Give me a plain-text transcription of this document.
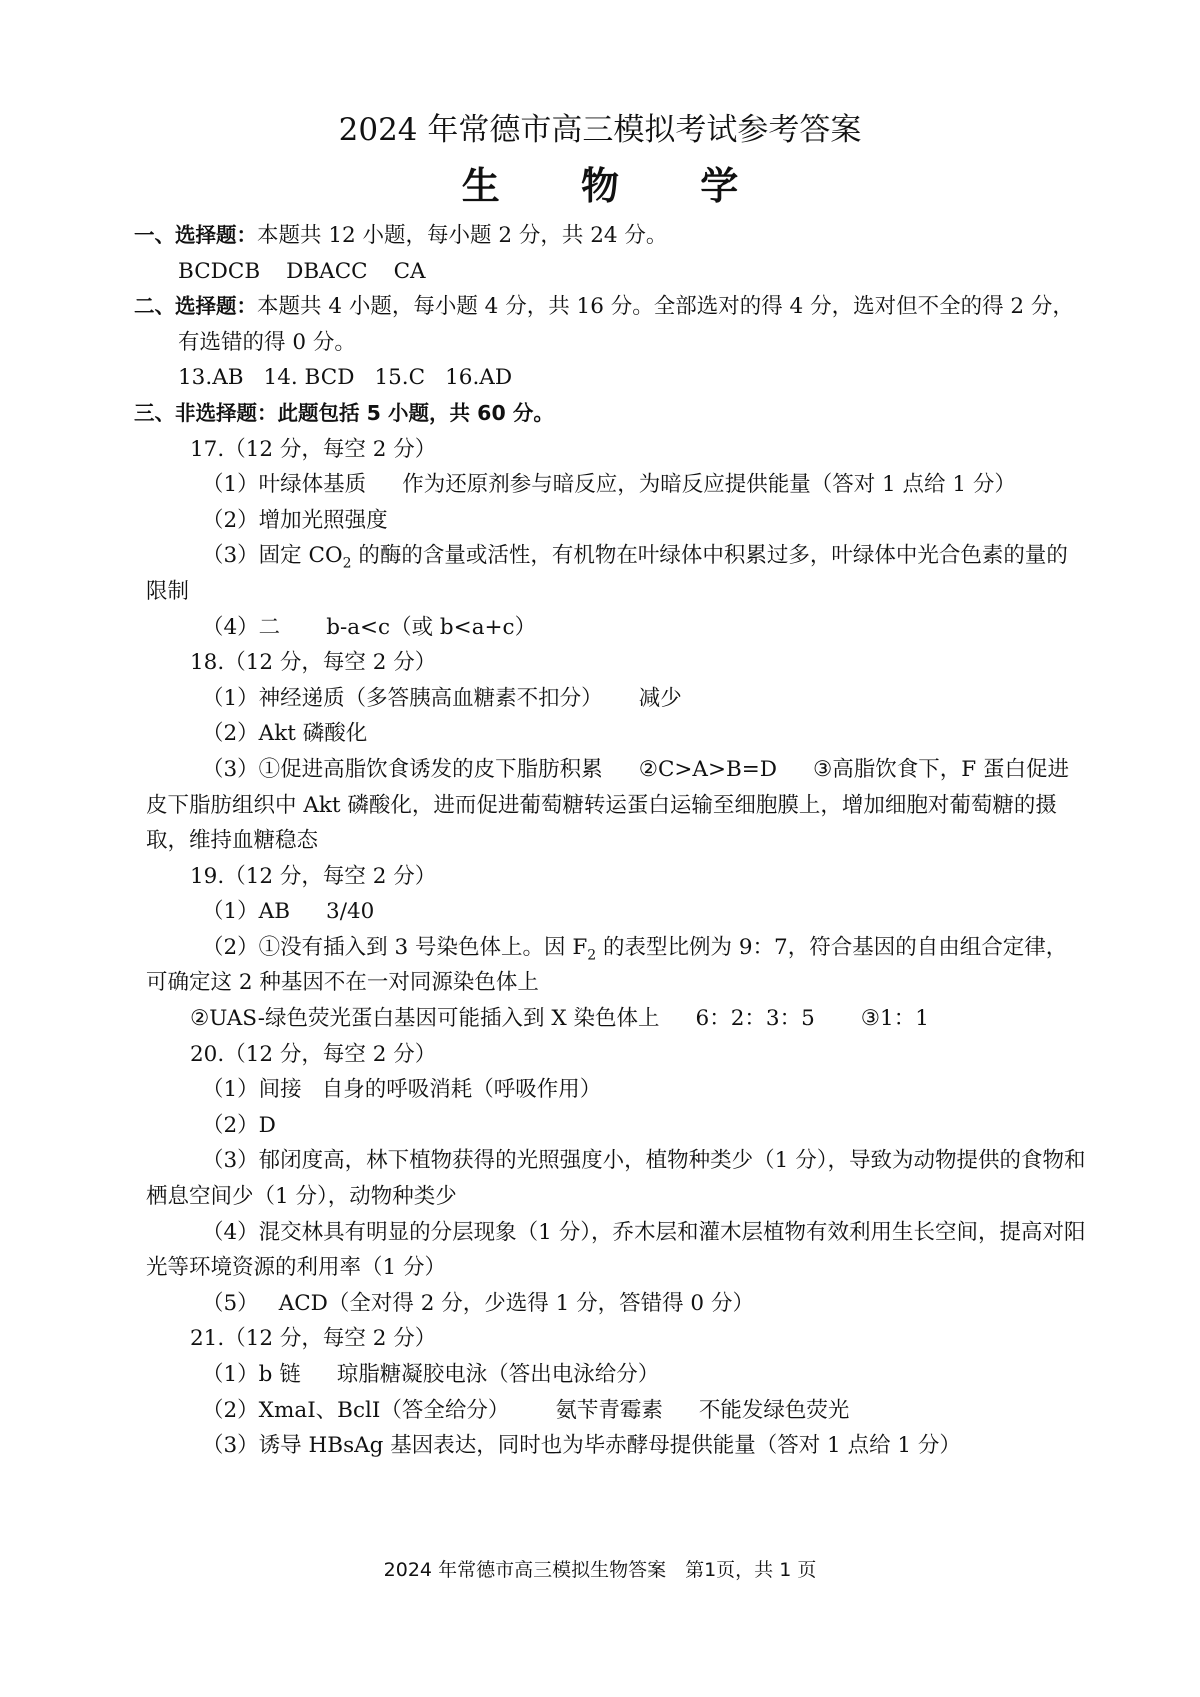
2024 年常德市高三模拟考试参考答案
生 物 学
一、选择题：本题共 12 小题，每小题 2 分，共 24 分。
BCDCB DBACC CA
二、选择题：本题共 4 小题，每小题 4 分，共 16 分。全部选对的得 4 分，选对但不全的得 2 分，有选错的得 0 分。
13.AB 14. BCD 15.C 16.AD
三、非选择题：此题包括 5 小题，共 60 分。
17.（12 分，每空 2 分）
（1）叶绿体基质 作为还原剂参与暗反应，为暗反应提供能量（答对 1 点给 1 分）
（2）增加光照强度
（3）固定 $CO_2$ 的酶的含量或活性，有机物在叶绿体中积累过多，叶绿体中光合色素的量的限制
（4）二 b-a<c（或 b<a+c）
18.（12 分，每空 2 分）
（1）神经递质（多答胰高血糖素不扣分） 减少
（2）Akt 磷酸化
（3）①促进高脂饮食诱发的皮下脂肪积累 ②C>A>B=D ③高脂饮食下，F 蛋白促进皮下脂肪组织中 Akt 磷酸化，进而促进葡萄糖转运蛋白运输至细胞膜上，增加细胞对葡萄糖的摄取，维持血糖稳态
19.（12 分，每空 2 分）
（1）AB 3/40
（2）①没有插入到 3 号染色体上。因 $F_2$ 的表型比例为 9：7，符合基因的自由组合定律，可确定这 2 种基因不在一对同源染色体上
②UAS-绿色荧光蛋白基因可能插入到 X 染色体上 6：2：3：5 ③1：1
20.（12 分，每空 2 分）
（1）间接 自身的呼吸消耗（呼吸作用）
（2）D
（3）郁闭度高，林下植物获得的光照强度小，植物种类少（1 分），导致为动物提供的食物和栖息空间少（1 分），动物种类少
（4）混交林具有明显的分层现象（1 分），乔木层和灌木层植物有效利用生长空间，提高对阳光等环境资源的利用率（1 分）
（5） ACD（全对得 2 分，少选得 1 分，答错得 0 分）
21.（12 分，每空 2 分）
（1）b 链 琼脂糖凝胶电泳（答出电泳给分）
（2）XmaI、BclI（答全给分） 氨苄青霉素 不能发绿色荧光
（3）诱导 HBsAg 基因表达，同时也为毕赤酵母提供能量（答对 1 点给 1 分）
2024 年常德市高三模拟生物答案　第1页，共 1 页
